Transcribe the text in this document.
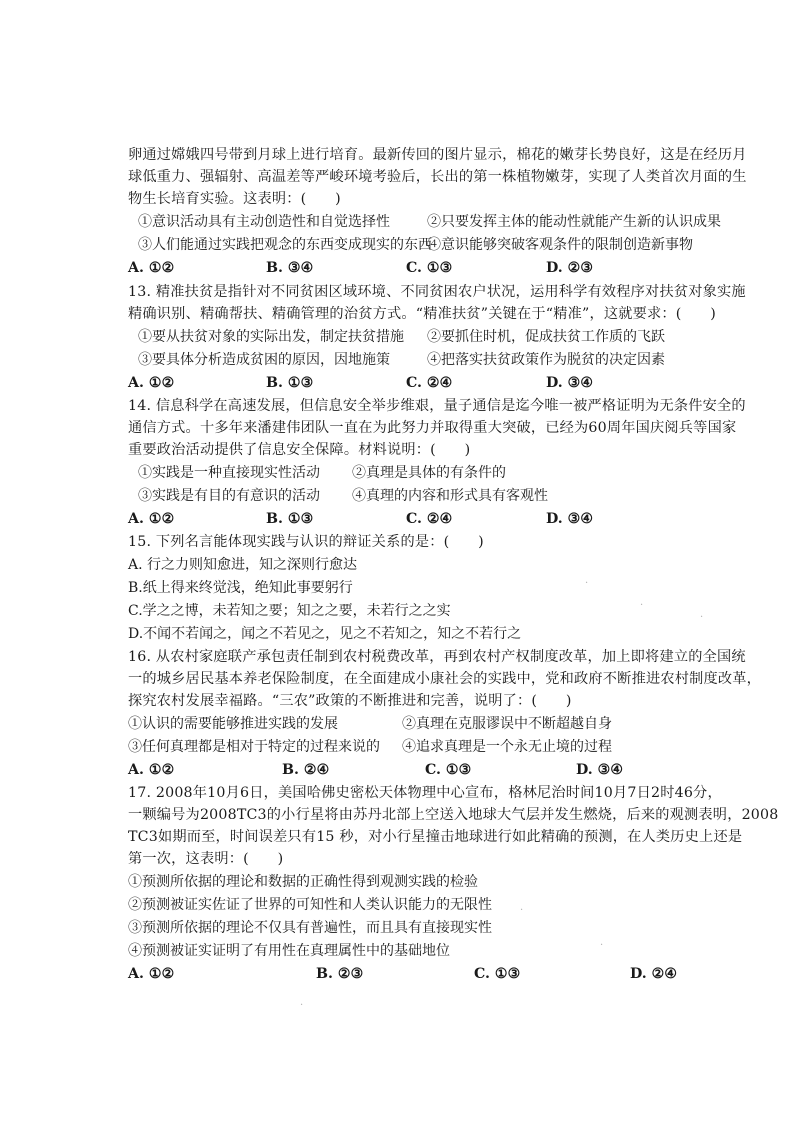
卵通过嫦娥四号带到月球上进行培育。最新传回的图片显示，棉花的嫩芽长势良好，这是在经历月
球低重力、强辐射、高温差等严峻环境考验后，长出的第一株植物嫩芽，实现了人类首次月面的生
物生长培育实验。这表明：(　　)
①意识活动具有主动创造性和自觉选择性	②只要发挥主体的能动性就能产生新的认识成果
③人们能通过实践把观念的东西变成现实的东西
④意识能够突破客观条件的限制创造新事物
A. ①②	B. ③④	C. ①③	D. ②③
13. 精准扶贫是指针对不同贫困区域环境、不同贫困农户状况，运用科学有效程序对扶贫对象实施
精确识别、精确帮扶、精确管理的治贫方式。“精准扶贫”关键在于“精准”，这就要求：(　　)
①要从扶贫对象的实际出发，制定扶贫措施 ②要抓住时机，促成扶贫工作质的飞跃
③要具体分析造成贫困的原因，因地施策	④把落实扶贫政策作为脱贫的决定因素
A. ①②	B. ①③	C. ②④	D. ③④
14. 信息科学在高速发展，但信息安全举步维艰，量子通信是迄今唯一被严格证明为无条件安全的
通信方式。十多年来潘建伟团队一直在为此努力并取得重大突破，已经为60周年国庆阅兵等国家
重要政治活动提供了信息安全保障。材料说明：(　　)
①实践是一种直接现实性活动 ②真理是具体的有条件的
③实践是有目的有意识的活动 ④真理的内容和形式具有客观性
A. ①②	B. ①③	C. ②④	D. ③④
15. 下列名言能体现实践与认识的辩证关系的是：(　　)
A. 行之力则知愈进，知之深则行愈达
B.纸上得来终觉浅，绝知此事要躬行
C.学之之博，未若知之要；知之之要，未若行之之实
D.不闻不若闻之，闻之不若见之，见之不若知之，知之不若行之
16. 从农村家庭联产承包责任制到农村税费改革，再到农村产权制度改革，加上即将建立的全国统
一的城乡居民基本养老保险制度，在全面建成小康社会的实践中，党和政府不断推进农村制度改革，
探究农村发展幸福路。“三农”政策的不断推进和完善，说明了：(　　)
①认识的需要能够推进实践的发展	②真理在克服谬误中不断超越自身
③任何真理都是相对于特定的过程来说的 ④追求真理是一个永无止境的过程
A. ①②	B. ②④	C. ①③	D. ③④
17. 2008年10月6日，美国哈佛史密松天体物理中心宣布，格林尼治时间10月7日2时46分，
一颗编号为2008TC3的小行星将由苏丹北部上空送入地球大气层并发生燃烧，后来的观测表明，2008
TC3如期而至，时间误差只有15 秒，对小行星撞击地球进行如此精确的预测，在人类历史上还是
第一次，这表明：(　　)
①预测所依据的理论和数据的正确性得到观测实践的检验
②预测被证实佐证了世界的可知性和人类认识能力的无限性
③预测所依据的理论不仅具有普遍性，而且具有直接现实性
④预测被证实证明了有用性在真理属性中的基础地位
A. ①②	B. ②③	C. ①③	D. ②④
·
·
·
·
·
·
